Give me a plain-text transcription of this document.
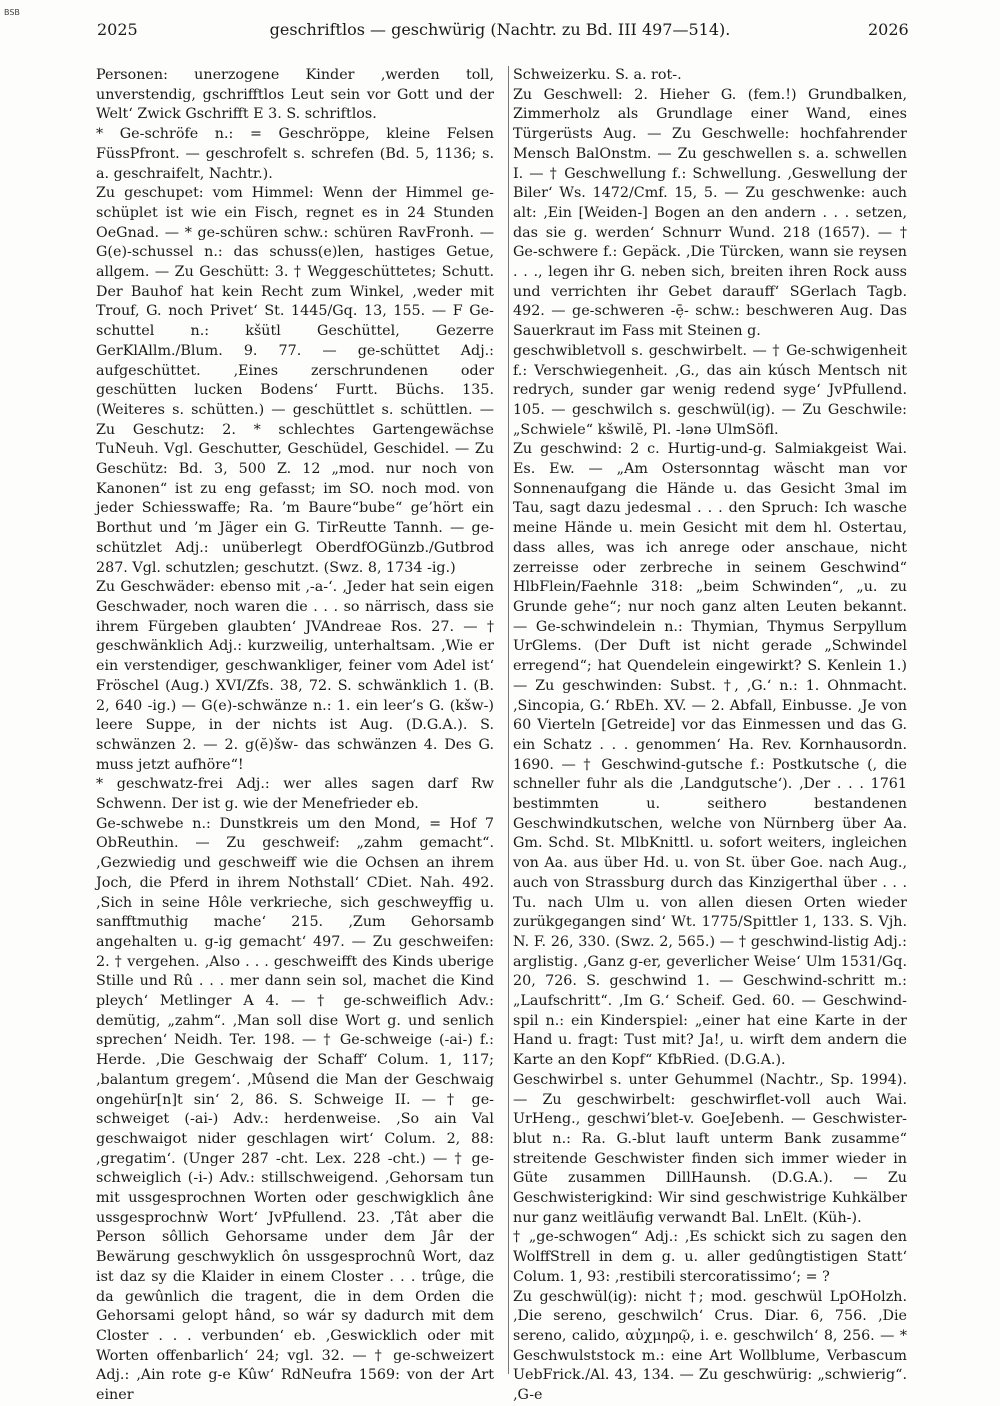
BSB
2025	geschriftlos — geschwürig (Nachtr. zu Bd. III 497—514).	2026

Personen: unerzogene Kinder ‚werden toll, unverstendig, gschrifftlos Leut sein vor Gott und der Welt‘ Zwick Gschrifft E 3. S. schriftlos.

* Ge-schröfe n.: = Geschröppe, kleine Felsen FüssPfront. — geschrofelt s. schrefen (Bd. 5, 1136; s. a. geschraifelt, Nachtr.).

Zu geschupet: vom Himmel: Wenn der Himmel ge-schüplet ist wie ein Fisch, regnet es in 24 Stunden OeGnad. — * ge-schüren schw.: schüren RavFronh. — G(e)-schussel n.: das schuss(e)len, hastiges Getue, allgem. — Zu Geschütt: 3. † Weggeschüttetes; Schutt. Der Bauhof hat kein Recht zum Winkel, ‚weder mit Trouf, G. noch Privet‘ St. 1445/Gq. 13, 155. — F Ge-schuttel n.: kšütl Geschüttel, Gezerre GerKlAllm./Blum. 9. 77. — ge-schüttet Adj.: aufgeschüttet. ‚Eines zerschrundenen oder geschütten lucken Bodens‘ Furtt. Büchs. 135. (Weiteres s. schütten.) — geschüttlet s. schüttlen. — Zu Geschutz: 2. * schlechtes Gartengewächse TuNeuh. Vgl. Geschutter, Geschüdel, Geschidel. — Zu Geschütz: Bd. 3, 500 Z. 12 „mod. nur noch von Kanonen“ ist zu eng gefasst; im SO. noch mod. von jeder Schiesswaffe; Ra. ’m Baure“bube“ ge’hört ein Borthut und ’m Jäger ein G. TirReutte Tannh. — ge-schützlet Adj.: unüberlegt OberdfOGünzb./Gutbrod 287. Vgl. schutzlen; geschutzt. (Swz. 8, 1734 -ig.)

Zu Geschwäder: ebenso mit ‚-a-‘. ‚Jeder hat sein eigen Geschwader, noch waren die . . . so närrisch, dass sie ihrem Fürgeben glaubten‘ JVAndreae Ros. 27. — † geschwänklich Adj.: kurzweilig, unterhaltsam. ‚Wie er ein verstendiger, geschwankliger, feiner vom Adel ist‘ Fröschel (Aug.) XVI/Zfs. 38, 72. S. schwänklich 1. (B. 2, 640 -ig.) — G(e)-schwänze n.: 1. ein leer’s G. (kšw-) leere Suppe, in der nichts ist Aug. (D.G.A.). S. schwänzen 2. — 2. g(ĕ)šw- das schwänzen 4. Des G. muss jetzt aufhöre“!

* geschwatz-frei Adj.: wer alles sagen darf Rw Schwenn. Der ist g. wie der Menefrieder eb.

Ge-schwebe n.: Dunstkreis um den Mond, = Hof 7 ObReuthin. — Zu geschweif: „zahm gemacht“. ‚Gezwiedig und geschweiff wie die Ochsen an ihrem Joch, die Pferd in ihrem Nothstall‘ CDiet. Nah. 492. ‚Sich in seine Hôle verkrieche, sich geschweyffig u. sanfftmuthig mache‘ 215. ‚Zum Gehorsamb angehalten u. g-ig gemacht‘ 497. — Zu geschweifen: 2. † vergehen. ‚Also . . . geschweifft des Kinds uberige Stille und Rû . . . mer dann sein sol, machet die Kind pleych‘ Metlinger A 4. — † ge-schweiflich Adv.: demütig, „zahm“. ‚Man soll dise Wort g. und senlich sprechen‘ Neidh. Ter. 198. — † Ge-schweige (-ai-) f.: Herde. ‚Die Geschwaig der Schaff‘ Colum. 1, 117; ‚balantum gregem‘. ‚Mûsend die Man der Geschwaig ongehür[n]t sin‘ 2, 86. S. Schweige II. — † ge-schweiget (-ai-) Adv.: herdenweise. ‚So ain Val geschwaigot nider geschlagen wirt‘ Colum. 2, 88: ‚gregatim‘. (Unger 287 -cht. Lex. 228 -cht.) — † ge-schweiglich (-i-) Adv.: stillschweigend. ‚Gehorsam tun mit ussgesprochnen Worten oder geschwigklich âne ussgesprochnẁ Wort‘ JvPfullend. 23. ‚Tât aber die Person sôllich Gehorsame under dem Jâr der Bewärung geschwyklich ôn ussgesprochnû Wort, daz ist daz sy die Klaider in einem Closter . . . trûge, die da gewûnlich die tragent, die in dem Orden die Gehorsami gelopt hând, so wár sy dadurch mit dem Closter . . . verbunden‘ eb. ‚Geswicklich oder mit Worten offenbarlich‘ 24; vgl. 32. — † ge-schweizert Adj.: ‚Ain rote g-e Kûw‘ RdNeufra 1569: von der Art einer

Schweizerku. S. a. rot-.

Zu Geschwell: 2. Hieher G. (fem.!) Grundbalken, Zimmerholz als Grundlage einer Wand, eines Türgerüsts Aug. — Zu Geschwelle: hochfahrender Mensch BalOnstm. — Zu geschwellen s. a. schwellen I. — † Geschwellung f.: Schwellung. ‚Geswellung der Biler‘ Ws. 1472/Cmf. 15, 5. — Zu geschwenke: auch alt: ‚Ein [Weiden-] Bogen an den andern . . . setzen, das sie g. werden‘ Schnurr Wund. 218 (1657). — † Ge-schwere f.: Gepäck. ‚Die Türcken, wann sie reysen . . ., legen ihr G. neben sich, breiten ihren Rock auss und verrichten ihr Gebet darauff‘ SGerlach Tagb. 492. — ge-schweren -ē̦- schw.: beschweren Aug. Das Sauerkraut im Fass mit Steinen g.

geschwibletvoll s. geschwirbelt. — † Ge-schwigenheit f.: Verschwiegenheit. ‚G., das ain kúsch Mentsch nit redrych, sunder gar wenig redend syge‘ JvPfullend. 105. — geschwilch s. geschwül(ig). — Zu Geschwile: „Schwiele“ kšwilĕ, Pl. -lənə UlmSöfl.

Zu geschwind: 2 c. Hurtig-und-g. Salmiakgeist Wai. Es. Ew. — „Am Ostersonntag wäscht man vor Sonnenaufgang die Hände u. das Gesicht 3mal im Tau, sagt dazu jedesmal . . . den Spruch: Ich wasche meine Hände u. mein Gesicht mit dem hl. Ostertau, dass alles, was ich anrege oder anschaue, nicht zerreisse oder zerbreche in seinem Geschwind“ HlbFlein/Faehnle 318: „beim Schwinden“, „u. zu Grunde gehe“; nur noch ganz alten Leuten bekannt. — Ge-schwindelein n.: Thymian, Thymus Serpyllum UrGlems. (Der Duft ist nicht gerade „Schwindel erregend“; hat Quendelein eingewirkt? S. Kenlein 1.) — Zu geschwinden: Subst. †, ‚G.‘ n.: 1. Ohnmacht. ‚Sincopia, G.‘ RbEh. XV. — 2. Abfall, Einbusse. ‚Je von 60 Vierteln [Getreide] vor das Einmessen und das G. ein Schatz . . . genommen‘ Ha. Rev. Kornhausordn. 1690. — † Geschwind-gutsche f.: Postkutsche (, die schneller fuhr als die ‚Landgutsche‘). ‚Der . . . 1761 bestimmten u. seithero bestandenen Geschwindkutschen, welche von Nürnberg über Aa. Gm. Schd. St. MlbKnittl. u. sofort weiters, ingleichen von Aa. aus über Hd. u. von St. über Goe. nach Aug., auch von Strassburg durch das Kinzigerthal über . . . Tu. nach Ulm u. von allen diesen Orten wieder zurükgegangen sind‘ Wt. 1775/Spittler 1, 133. S. Vjh. N. F. 26, 330. (Swz. 2, 565.) — † geschwind-listig Adj.: arglistig. ‚Ganz g-er, geverlicher Weise‘ Ulm 1531/Gq. 20, 726. S. geschwind 1. — Geschwind-schritt m.: „Laufschritt“. ‚Im G.‘ Scheif. Ged. 60. — Geschwind-spil n.: ein Kinderspiel: „einer hat eine Karte in der Hand u. fragt: Tust mit? Ja!, u. wirft dem andern die Karte an den Kopf“ KfbRied. (D.G.A.).

Geschwirbel s. unter Gehummel (Nachtr., Sp. 1994). — Zu geschwirbelt: geschwirflet-voll auch Wai. UrHeng., geschwi’blet-v. GoeJebenh. — Geschwister-blut n.: Ra. G.-blut lauft unterm Bank zusamme“ streitende Geschwister finden sich immer wieder in Güte zusammen DillHaunsh. (D.G.A.). — Zu Geschwisterigkind: Wir sind geschwistrige Kuhkälber nur ganz weitläufig verwandt Bal. LnElt. (Küh-).

† „ge-schwogen“ Adj.: ‚Es schickt sich zu sagen den WolffStrell in dem g. u. aller gedûngtistigen Statt‘ Colum. 1, 93: ‚restibili stercoratissimo‘; = ?

Zu geschwül(ig): nicht †; mod. geschwül LpOHolzh. ‚Die sereno, geschwilch‘ Crus. Diar. 6, 756. ‚Die sereno, calido, αὐχμηρῷ, i. e. geschwilch‘ 8, 256. — * Geschwulststock m.: eine Art Wollblume, Verbascum UebFrick./Al. 43, 134. — Zu geschwürig: „schwierig“. ‚G-e
